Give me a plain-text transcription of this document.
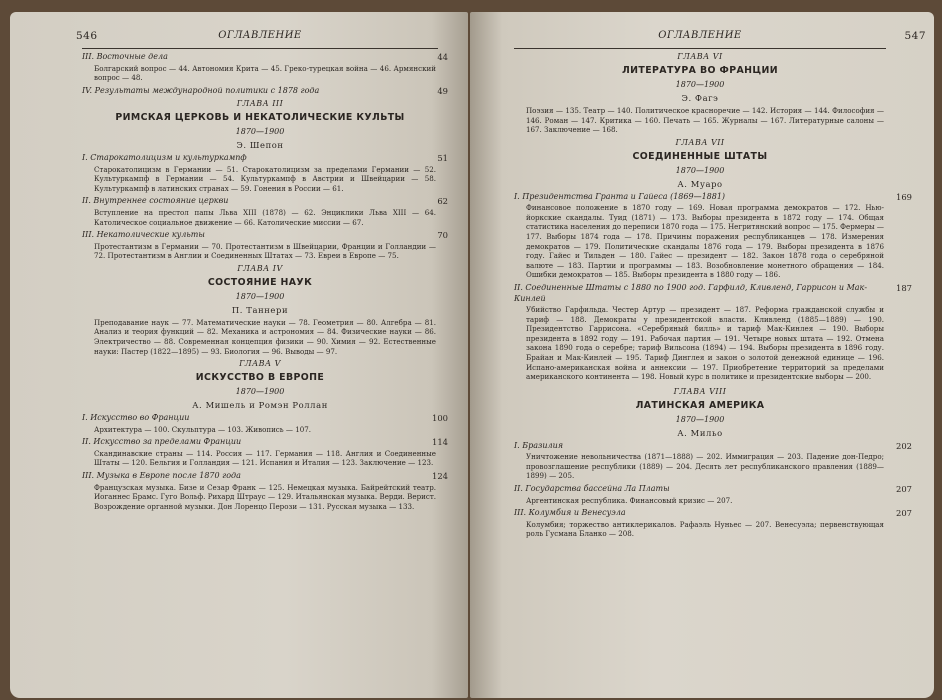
546	ОГЛАВЛЕНИЕ
III. Восточные дела	44
Болгарский вопрос — 44. Автономия Крита — 45. Греко-турецкая война — 46. Армянский вопрос — 48.
IV. Результаты международной политики с 1878 года	49
ГЛАВА III
РИМСКАЯ ЦЕРКОВЬ И НЕКАТОЛИЧЕСКИЕ КУЛЬТЫ
1870—1900
Э. Шепон
I. Старокатолицизм и культуркампф	51
Старокатолицизм в Германии — 51. Старокатолицизм за пределами Германии — 52. Культуркампф в Германии — 54. Культуркампф в Австрии и Швейцарии — 58. Культуркампф в латинских странах — 59. Гонения в России — 61.
II. Внутреннее состояние церкви	62
Вступление на престол папы Льва XIII (1878) — 62. Энциклики Льва XIII — 64. Католическое социальное движение — 66. Католические миссии — 67.
III. Некатолические культы	70
Протестантизм в Германии — 70. Протестантизм в Швейцарии, Франции и Голландии — 72. Протестантизм в Англии и Соединенных Штатах — 73. Евреи в Европе — 75.
ГЛАВА IV
СОСТОЯНИЕ НАУК
1870—1900
П. Таннери
Преподавание наук — 77. Математические науки — 78. Геометрия — 80. Алгебра — 81. Анализ и теория функций — 82. Механика и астрономия — 84. Физические науки — 86. Электричество — 88. Современная концепция физики — 90. Химия — 92. Естественные науки: Пастер (1822—1895) — 93. Биология — 96. Выводы — 97.
ГЛАВА V
ИСКУССТВО В ЕВРОПЕ
1870—1900
А. Мишель и Ромэн Роллан
I. Искусство во Франции	100
Архитектура — 100. Скульптура — 103. Живопись — 107.
II. Искусство за пределами Франции	114
Скандинавские страны — 114. Россия — 117. Германия — 118. Англия и Соединенные Штаты — 120. Бельгия и Голландия — 121. Испания и Италия — 123. Заключение — 123.
III. Музыка в Европе после 1870 года	124
Французская музыка. Бизе и Сезар Франк — 125. Немецкая музыка. Байрейтский театр. Иоганнес Брамс. Гуго Вольф. Рихард Штраус — 129. Итальянская музыка. Верди. Верист. Возрождение органной музыки. Дон Лоренцо Перози — 131. Русская музыка — 133.
ОГЛАВЛЕНИЕ	547
ГЛАВА VI
ЛИТЕРАТУРА ВО ФРАНЦИИ
1870—1900
Э. Фагэ
Поэзия — 135. Театр — 140. Политическое красноречие — 142. История — 144. Философия — 146. Роман — 147. Критика — 160. Печать — 165. Журналы — 167. Литературные салоны — 167. Заключение — 168.
ГЛАВА VII
СОЕДИНЕННЫЕ ШТАТЫ
1870—1900
А. Муаро
I. Президентства Гранта и Гайеса (1869—1881)	169
Финансовое положение в 1870 году — 169. Новая программа демократов — 172. Нью-йоркские скандалы. Туид (1871) — 173. Выборы президента в 1872 году — 174. Общая статистика населения до переписи 1870 года — 175. Негритянский вопрос — 175. Фермеры — 177. Выборы 1874 года — 178. Причины поражения республиканцев — 178. Измерения демократов — 179. Политические скандалы 1876 года — 179. Выборы президента в 1876 году. Гайес и Тильден — 180. Гайес — президент — 182. Закон 1878 года о серебряной валюте — 183. Партии и программы — 183. Возобновление монетного обращения — 184. Ошибки демократов — 185. Выборы президента в 1880 году — 186.
II. Соединенные Штаты с 1880 по 1900 год. Гарфилд, Кливленд, Гаррисон и Мак-Кинлей
187
Убийство Гарфильда. Честер Артур — президент — 187. Реформа гражданской службы и тариф — 188. Демократы у президентской власти. Кливленд (1885—1889) — 190. Президентство Гаррисона. «Серебряный билль» и тариф Мак-Кинлея — 190. Выборы президента в 1892 году — 191. Рабочая партия — 191. Четыре новых штата — 192. Отмена закона 1890 года о серебре; тариф Вильсона (1894) — 194. Выборы президента в 1896 году. Брайан и Мак-Кинлей — 195. Тариф Динглея и закон о золотой денежной единице — 196. Испано-американская война и аннексии — 197. Приобретение территорий за пределами американского континента — 198. Новый курс в политике и президентские выборы — 200.
ГЛАВА VIII
ЛАТИНСКАЯ АМЕРИКА
1870—1900
А. Мильо
I. Бразилия	202
Уничтожение невольничества (1871—1888) — 202. Иммиграция — 203. Падение дон-Педро; провозглашение республики (1889) — 204. Десять лет республиканского правления (1889—1899) — 205.
II. Государства бассейна Ла Платы	207
Аргентинская республика. Финансовый кризис — 207.
III. Колумбия и Венесуэла	207
Колумбия; торжество антиклерикалов. Рафаэль Нуньес — 207. Венесуэла; первенствующая роль Гусмана Бланко — 208.
